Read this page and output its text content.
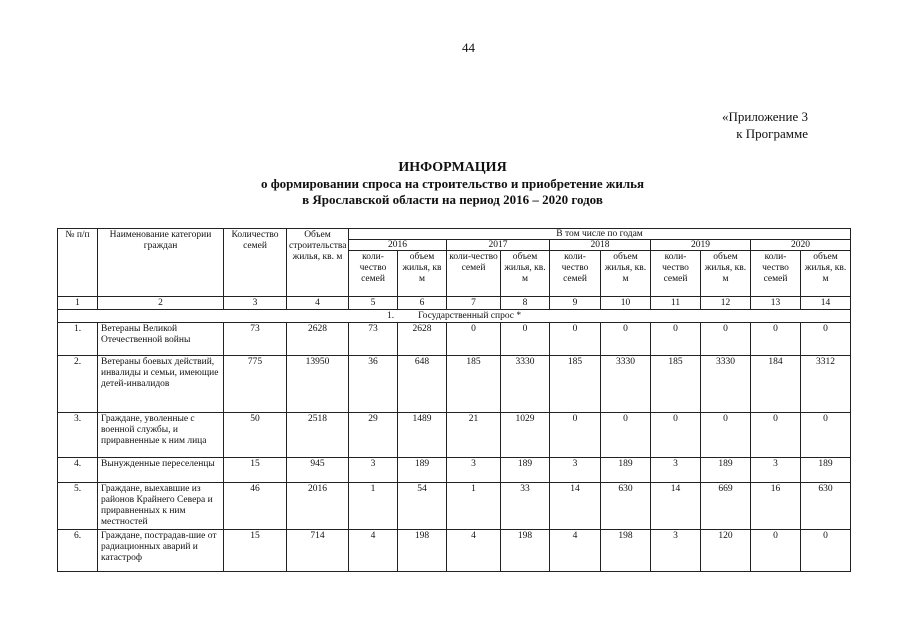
44
«Приложение 3
к Программе
ИНФОРМАЦИЯ
о формировании спроса на строительство и приобретение жилья
в Ярославской области на период 2016 – 2020 годов
№ п/п	Наименование категории граждан	Количество семей	Объем строительства жилья, кв. м	В том числе по годам									
				2016		2017		2018		2019		2020	
				коли-чество семей	объем жилья, кв м	коли-чество семей	объем жилья, кв. м	коли-чество семей	объем жилья, кв. м	коли-чество семей	объем жилья, кв. м	коли-чество семей	объем жилья, кв. м
1	2	3	4	5	6	7	8	9	10	11	12	13	14
1. Государственный спрос *													
1.	Ветераны Великой Отечественной войны	73	2628	73	2628	0	0	0	0	0	0	0	0
2.	Ветераны боевых действий, инвалиды и семьи, имеющие детей-инвалидов	775	13950	36	648	185	3330	185	3330	185	3330	184	3312
3.	Граждане, уволенные с военной службы, и приравненные к ним лица	50	2518	29	1489	21	1029	0	0	0	0	0	0
4.	Вынужденные переселенцы	15	945	3	189	3	189	3	189	3	189	3	189
5.	Граждане, выехавшие из районов Крайнего Севера и приравненных к ним местностей	46	2016	1	54	1	33	14	630	14	669	16	630
6.	Граждане, пострадав-шие от радиационных аварий и катастроф	15	714	4	198	4	198	4	198	3	120	0	0
